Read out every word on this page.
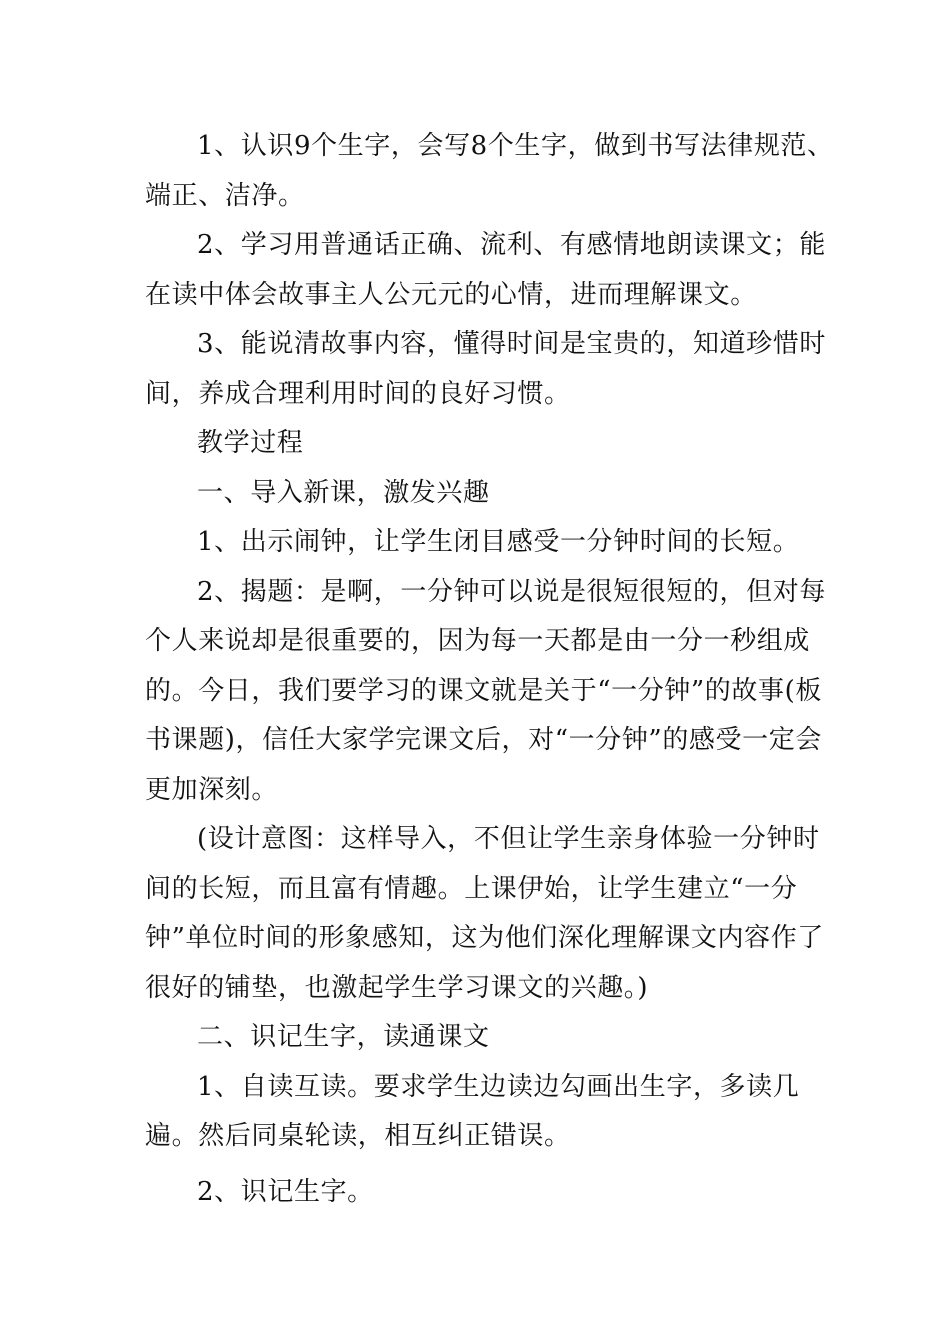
1、认识9个生字，会写8个生字，做到书写法律规范、端正、洁净。

2、学习用普通话正确、流利、有感情地朗读课文；能在读中体会故事主人公元元的心情，进而理解课文。

3、能说清故事内容，懂得时间是宝贵的，知道珍惜时间，养成合理利用时间的良好习惯。

教学过程

一、导入新课，激发兴趣

1、出示闹钟，让学生闭目感受一分钟时间的长短。

2、揭题：是啊，一分钟可以说是很短很短的，但对每个人来说却是很重要的，因为每一天都是由一分一秒组成的。今日，我们要学习的课文就是关于“一分钟”的故事(板书课题)，信任大家学完课文后，对“一分钟”的感受一定会更加深刻。

(设计意图：这样导入，不但让学生亲身体验一分钟时间的长短，而且富有情趣。上课伊始，让学生建立“一分钟”单位时间的形象感知，这为他们深化理解课文内容作了很好的铺垫，也激起学生学习课文的兴趣。)

二、识记生字，读通课文

1、自读互读。要求学生边读边勾画出生字，多读几遍。然后同桌轮读，相互纠正错误。

2、识记生字。
